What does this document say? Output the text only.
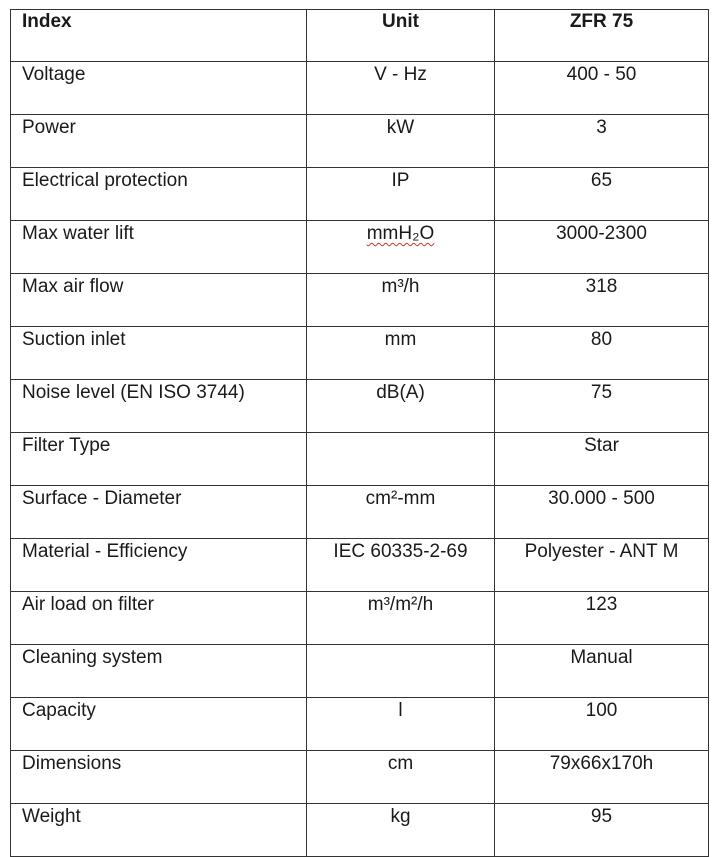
Index	Unit	ZFR 75
Voltage	V - Hz	400 - 50
Power	kW	3
Electrical protection	IP	65
Max water lift	mmH₂O	3000-2300
Max air flow	m³/h	318
Suction inlet	mm	80
Noise level (EN ISO 3744)	dB(A)	75
Filter Type		Star
Surface - Diameter	cm²-mm	30.000 - 500
Material - Efficiency	IEC 60335-2-69	Polyester - ANT M
Air load on filter	m³/m²/h	123
Cleaning system		Manual
Capacity	l	100
Dimensions	cm	79x66x170h
Weight	kg	95
